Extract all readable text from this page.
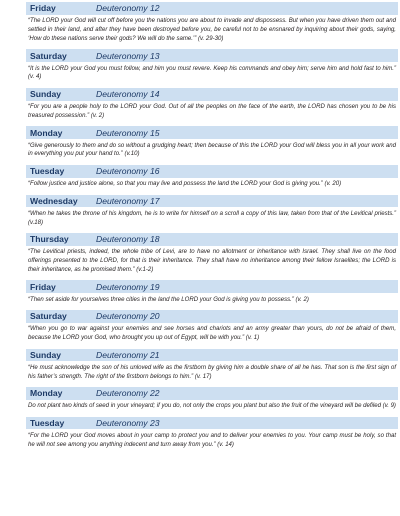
Friday	Deuteronomy 12
“The LORD your God will cut off before you the nations you are about to invade and dispossess. But when you have driven them out and settled in their land, and after they have been destroyed before you, be careful not to be ensnared by inquiring about their gods, saying, ‘How do these nations serve their gods? We will do the same.’” (v. 29-30)
Saturday	Deuteronomy 13
“It is the LORD your God you must follow, and him you must revere. Keep his commands and obey him; serve him and hold fast to him.” (v. 4)
Sunday	Deuteronomy 14
“For you are a people holy to the LORD your God. Out of all the peoples on the face of the earth, the LORD has chosen you to be his treasured possession.” (v. 2)
Monday	Deuteronomy 15
“Give generously to them and do so without a grudging heart; then because of this the LORD your God will bless you in all your work and in everything you put your hand to.” (v.10)
Tuesday	Deuteronomy 16
“Follow justice and justice alone, so that you may live and possess the land the LORD your God is giving you.” (v. 20)
Wednesday	Deuteronomy 17
“When he takes the throne of his kingdom, he is to write for himself on a scroll a copy of this law, taken from that of the Levitical priests.” (v.18)
Thursday	Deuteronomy 18
“The Levitical priests, indeed, the whole tribe of Levi, are to have no allotment or inheritance with Israel. They shall live on the food offerings presented to the LORD, for that is their inheritance. They shall have no inheritance among their fellow Israelites; the LORD is their inheritance, as he promised them.” (v.1-2)
Friday	Deuteronomy 19
“Then set aside for yourselves three cities in the land the LORD your God is giving you to possess.” (v. 2)
Saturday	Deuteronomy 20
“When you go to war against your enemies and see horses and chariots and an army greater than yours, do not be afraid of them, because the LORD your God, who brought you up out of Egypt, will be with you.” (v. 1)
Sunday	Deuteronomy 21
“He must acknowledge the son of his unloved wife as the firstborn by giving him a double share of all he has. That son is the first sign of his father’s strength. The right of the firstborn belongs to him.” (v. 17)
Monday	Deuteronomy 22
Do not plant two kinds of seed in your vineyard; if you do, not only the crops you plant but also the fruit of the vineyard will be defiled (v. 9)
Tuesday	Deuteronomy 23
“For the LORD your God moves about in your camp to protect you and to deliver your enemies to you. Your camp must be holy, so that he will not see among you anything indecent and turn away from you.” (v. 14)
